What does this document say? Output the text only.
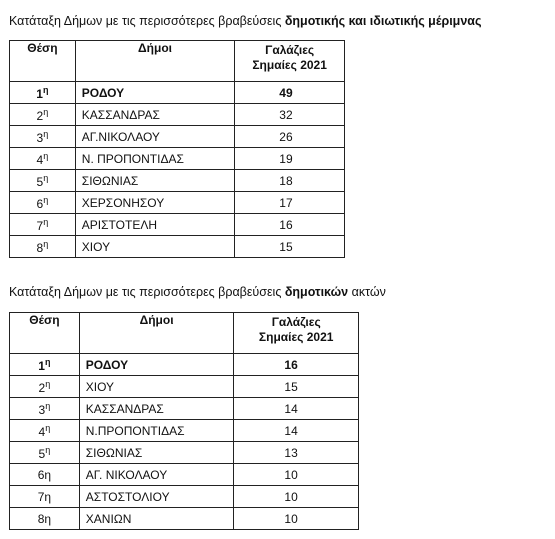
Κατάταξη Δήμων με τις περισσότερες βραβεύσεις δημοτικής και ιδιωτικής μέριμνας
Θέση	Δήμοι	Γαλάζιες Σημαίες 2021
$1^\eta$	ΡΟΔΟΥ	49
$2^\eta$	ΚΑΣΣΑΝΔΡΑΣ	32
$3^\eta$	ΑΓ.ΝΙΚΟΛΑΟΥ	26
$4^\eta$	Ν. ΠΡΟΠΟΝΤΙΔΑΣ	19
$5^\eta$	ΣΙΘΩΝΙΑΣ	18
$6^\eta$	ΧΕΡΣΟΝΗΣΟΥ	17
$7^\eta$	ΑΡΙΣΤΟΤΕΛΗ	16
$8^\eta$	ΧΙΟΥ	15
Κατάταξη Δήμων με τις περισσότερες βραβεύσεις δημοτικών ακτών
Θέση	Δήμοι	Γαλάζιες Σημαίες 2021
$1^\eta$	ΡΟΔΟΥ	16
$2^\eta$	ΧΙΟΥ	15
$3^\eta$	ΚΑΣΣΑΝΔΡΑΣ	14
$4^\eta$	Ν.ΠΡΟΠΟΝΤΙΔΑΣ	14
$5^\eta$	ΣΙΘΩΝΙΑΣ	13
6η	ΑΓ. ΝΙΚΟΛΑΟΥ	10
7η	ΑΣΤΟΣΤΟΛΙΟΥ	10
8η	ΧΑΝΙΩΝ	10
